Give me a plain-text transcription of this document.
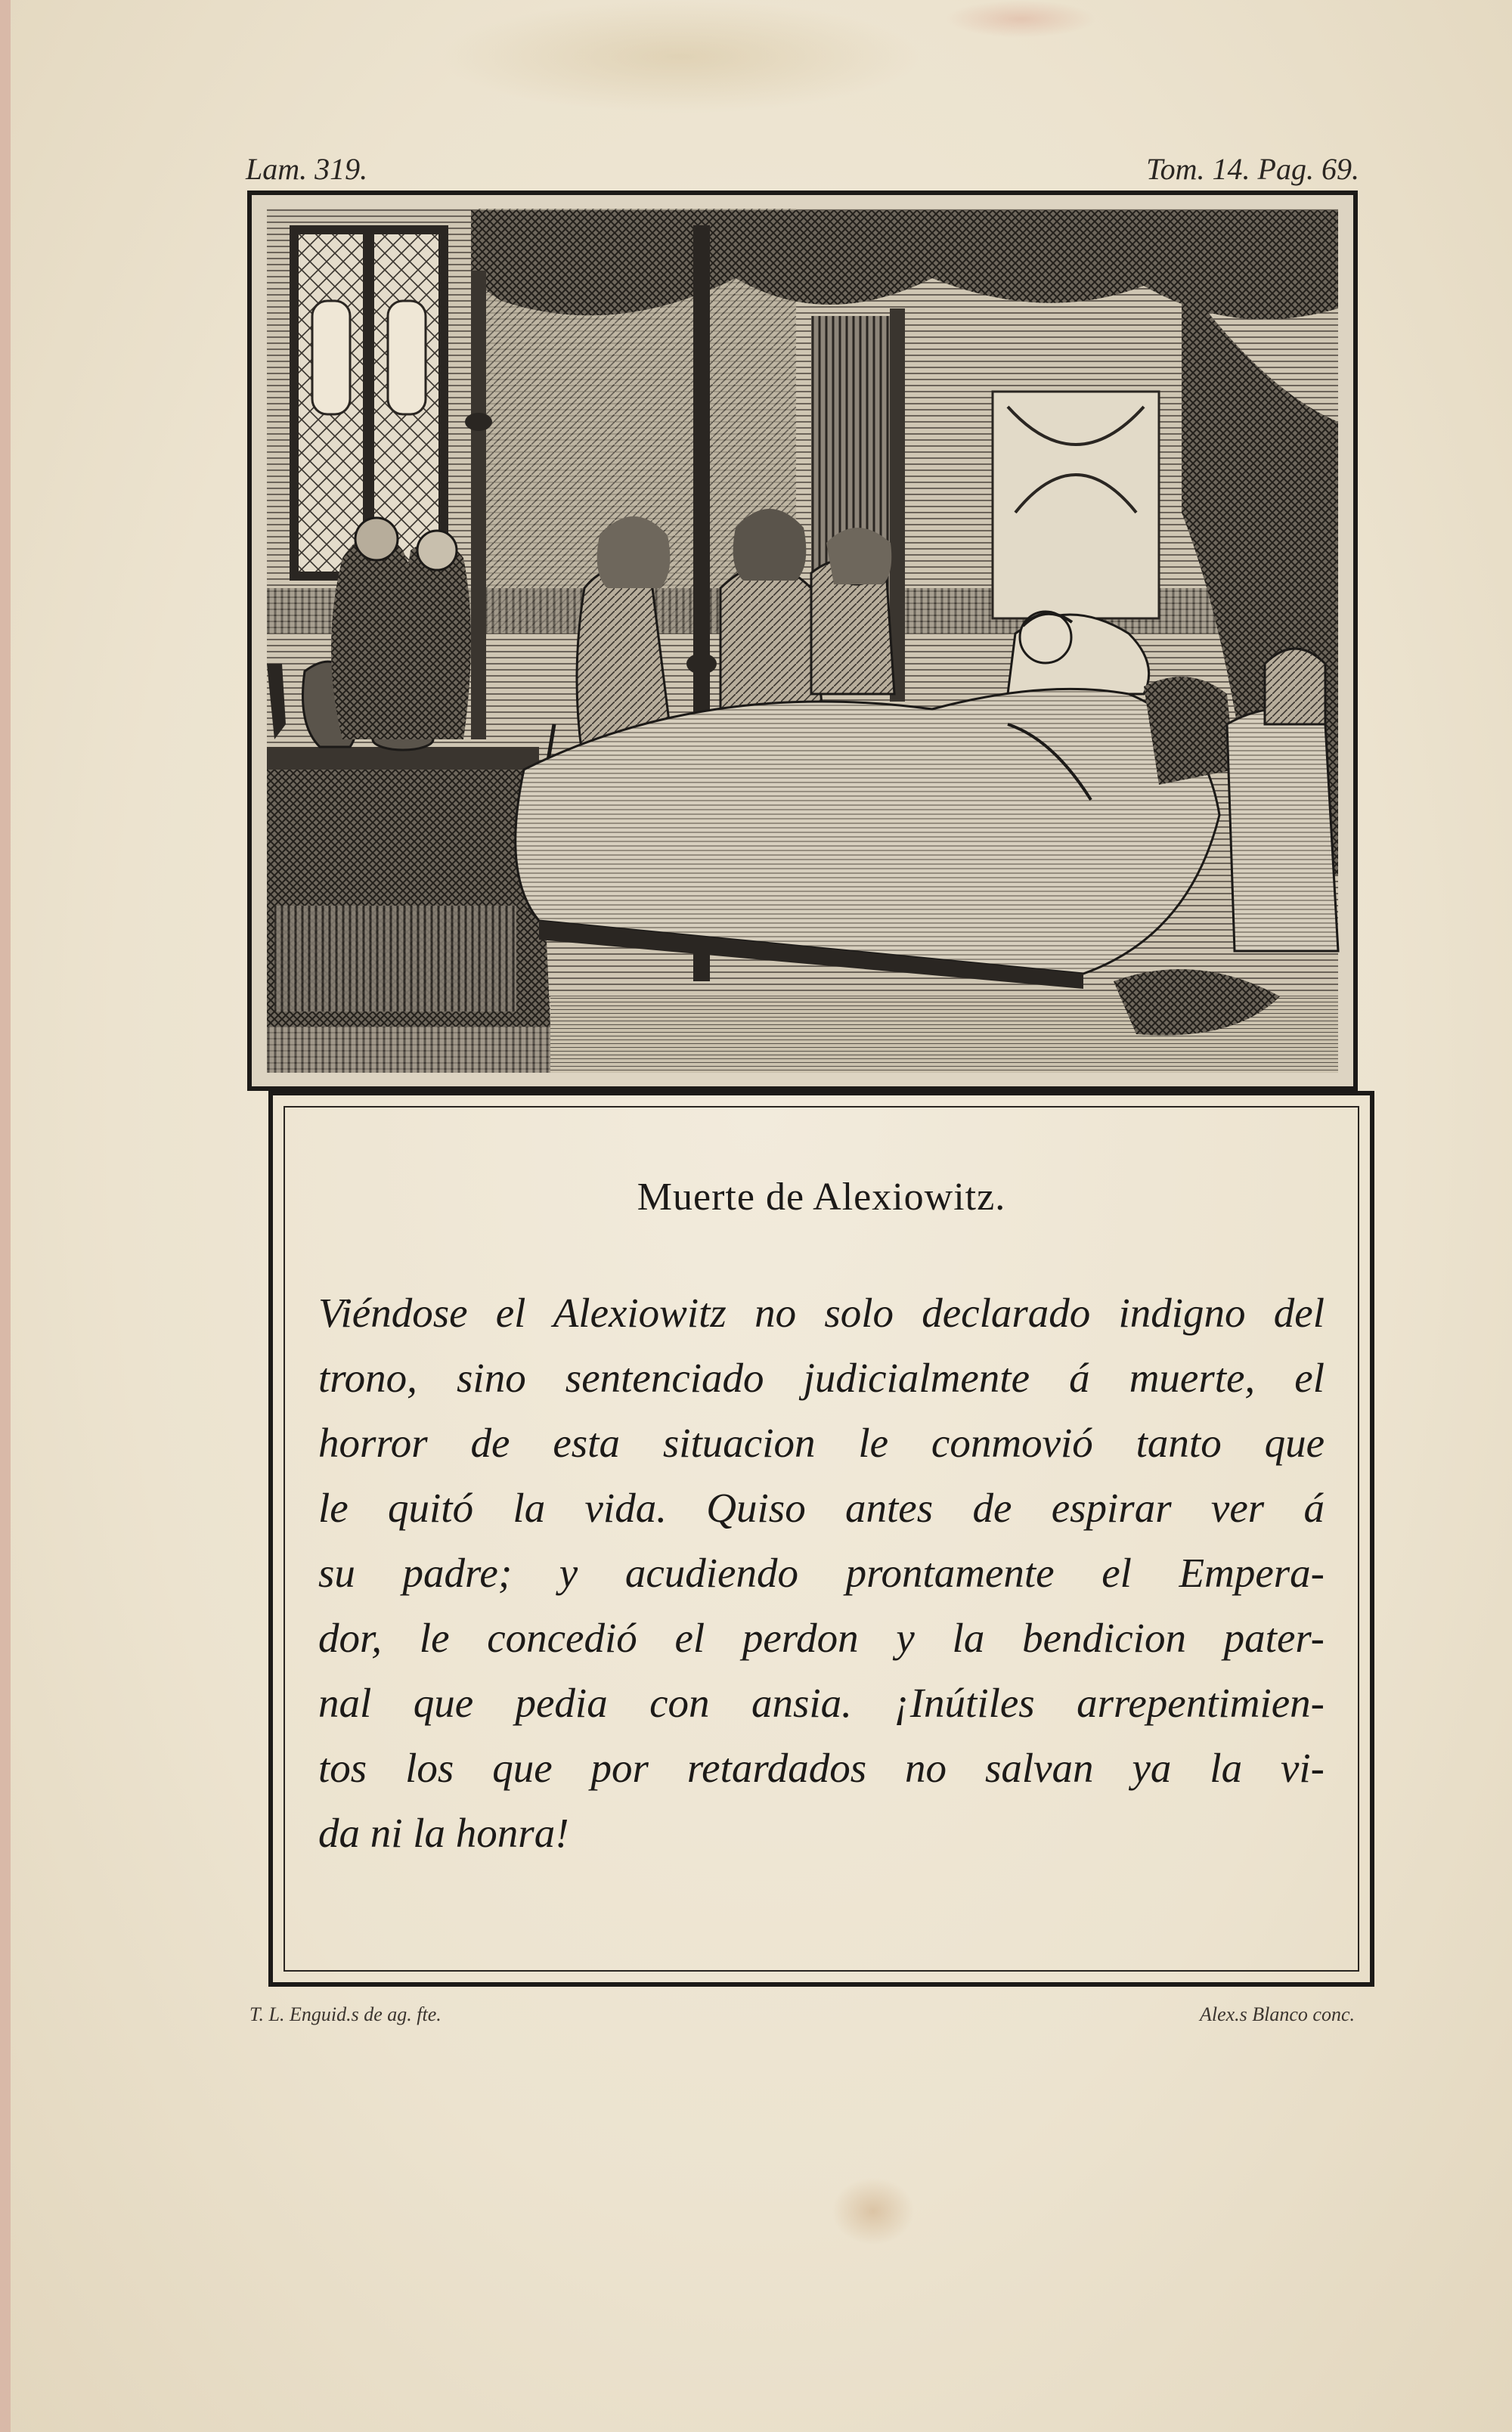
Lam. 319.	Tom. 14. Pag. 69.
Muerte de Alexiowitz.
Viéndose el Alexiowitz no solo declarado indigno del
trono, sino sentenciado judicialmente á muerte, el
horror de esta situacion le conmovió tanto que
le quitó la vida. Quiso antes de espirar ver á
su padre; y acudiendo prontamente el Empera-
dor, le concedió el perdon y la bendicion pater-
nal que pedia con ansia. ¡Inútiles arrepentimien-
tos los que por retardados no salvan ya la vi-
da ni la honra!
T. L. Enguid.s de ag. fte.	Alex.s Blanco conc.
